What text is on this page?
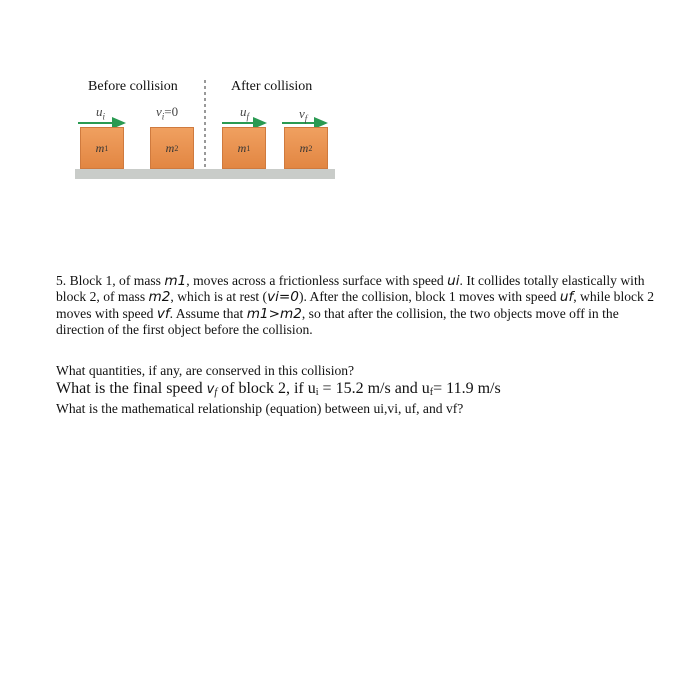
Before collision	After collision
$u_i$	$v_i=0$	$u_f$	$v_f$
m 1	m 2	m 1	m 2

5. Block 1, of mass m1, moves across a frictionless surface with speed ui. It collides totally elastically with block 2, of mass m2, which is at rest (vi=0). After the collision, block 1 moves with speed uf, while block 2 moves with speed vf. Assume that m1>m2, so that after the collision, the two objects move off in the direction of the first object before the collision.

What quantities, if any, are conserved in this collision?
What is the final speed vf of block 2, if ui = 15.2 m/s and uf= 11.9 m/s
What is the mathematical relationship (equation) between ui,vi, uf, and vf?
